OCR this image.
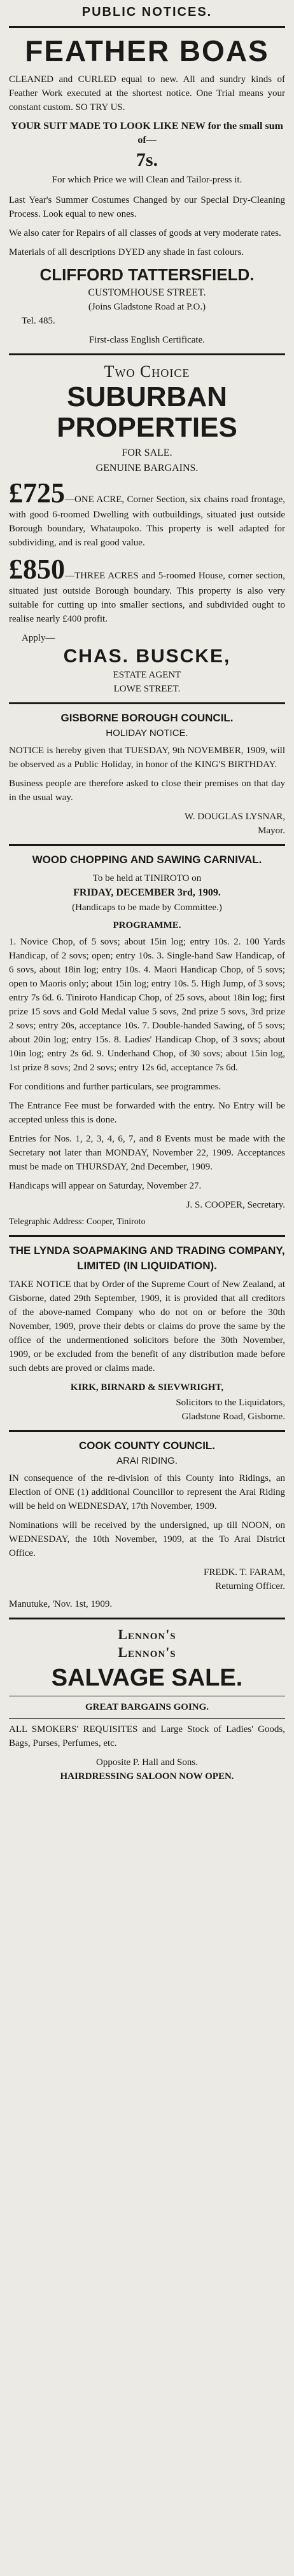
PUBLIC NOTICES.
FEATHER BOAS
CLEANED and CURLED equal to new. All and sundry kinds of Feather Work executed at the shortest notice. One Trial means your constant custom. SO TRY US.
YOUR SUIT MADE TO LOOK LIKE NEW for the small sum of—
7s.
For which Price we will Clean and Tailor-press it.
Last Year's Summer Costumes Changed by our Special Dry-Cleaning Process. Look equal to new ones.
We also cater for Repairs of all classes of goods at very moderate rates.
Materials of all descriptions DYED any shade in fast colours.
CLIFFORD TATTERSFIELD.
CUSTOMHOUSE STREET.
(Joins Gladstone Road at P.O.)
Tel. 485.
First-class English Certificate.
Two Choice
SUBURBAN
PROPERTIES
FOR SALE.
GENUINE BARGAINS.
£725—ONE ACRE, Corner Section, six chains road frontage, with good 6-roomed Dwelling with outbuildings, situated just outside Borough boundary, Whataupoko. This property is well adapted for subdividing, and is real good value.
£850—THREE ACRES and 5-roomed House, corner section, situated just outside Borough boundary. This property is also very suitable for cutting up into smaller sections, and subdivided ought to realise nearly £400 profit.
Apply—
CHAS. BUSCKE,
ESTATE AGENT
LOWE STREET.
GISBORNE BOROUGH COUNCIL.
HOLIDAY NOTICE.
NOTICE is hereby given that TUESDAY, 9th NOVEMBER, 1909, will be observed as a Public Holiday, in honor of the KING'S BIRTHDAY.
Business people are therefore asked to close their premises on that day in the usual way.
W. DOUGLAS LYSNAR,
Mayor.
WOOD CHOPPING AND SAWING CARNIVAL.
To be held at TINIROTO on
FRIDAY, DECEMBER 3rd, 1909.
(Handicaps to be made by Committee.)
PROGRAMME.
1. Novice Chop, of 5 sovs; about 15in log; entry 10s. 2. 100 Yards Handicap, of 2 sovs; open; entry 10s. 3. Single-hand Saw Handicap, of 6 sovs, about 18in log; entry 10s. 4. Maori Handicap Chop, of 5 sovs; open to Maoris only; about 15in log; entry 10s. 5. High Jump, of 3 sovs; entry 7s 6d. 6. Tiniroto Handicap Chop, of 25 sovs, about 18in log; first prize 15 sovs and Gold Medal value 5 sovs, 2nd prize 5 sovs, 3rd prize 2 sovs; entry 20s, acceptance 10s. 7. Double-handed Sawing, of 5 sovs; about 20in log; entry 15s. 8. Ladies' Handicap Chop, of 3 sovs; about 10in log; entry 2s 6d. 9. Underhand Chop, of 30 sovs; about 15in log, 1st prize 8 sovs; 2nd 2 sovs; entry 12s 6d, acceptance 7s 6d.
For conditions and further particulars, see programmes.
The Entrance Fee must be forwarded with the entry. No Entry will be accepted unless this is done.
Entries for Nos. 1, 2, 3, 4, 6, 7, and 8 Events must be made with the Secretary not later than MONDAY, November 22, 1909. Acceptances must be made on THURSDAY, 2nd December, 1909.
Handicaps will appear on Saturday, November 27.
J. S. COOPER, Secretary.
Telegraphic Address: Cooper, Tiniroto
THE LYNDA SOAPMAKING AND TRADING COMPANY, LIMITED (IN LIQUIDATION).
TAKE NOTICE that by Order of the Supreme Court of New Zealand, at Gisborne, dated 29th September, 1909, it is provided that all creditors of the above-named Company who do not on or before the 30th November, 1909, prove their debts or claims do prove the same by the office of the undermentioned solicitors before the 30th November, 1909, or be excluded from the benefit of any distribution made before such debts are proved or claims made.
KIRK, BIRNARD & SIEVWRIGHT,
Solicitors to the Liquidators,
Gladstone Road, Gisborne.
COOK COUNTY COUNCIL.
ARAI RIDING.
IN consequence of the re-division of this County into Ridings, an Election of ONE (1) additional Councillor to represent the Arai Riding will be held on WEDNESDAY, 17th November, 1909.
Nominations will be received by the undersigned, up till NOON, on WEDNESDAY, the 10th November, 1909, at the To Arai District Office.
FREDK. T. FARAM,
Returning Officer.
Manutuke, 'Nov. 1st, 1909.
Lennon's
Lennon's
SALVAGE SALE.
GREAT BARGAINS GOING.
ALL SMOKERS' REQUISITES and Large Stock of Ladies' Goods, Bags, Purses, Perfumes, etc.
Opposite P. Hall and Sons.
HAIRDRESSING SALOON NOW OPEN.
